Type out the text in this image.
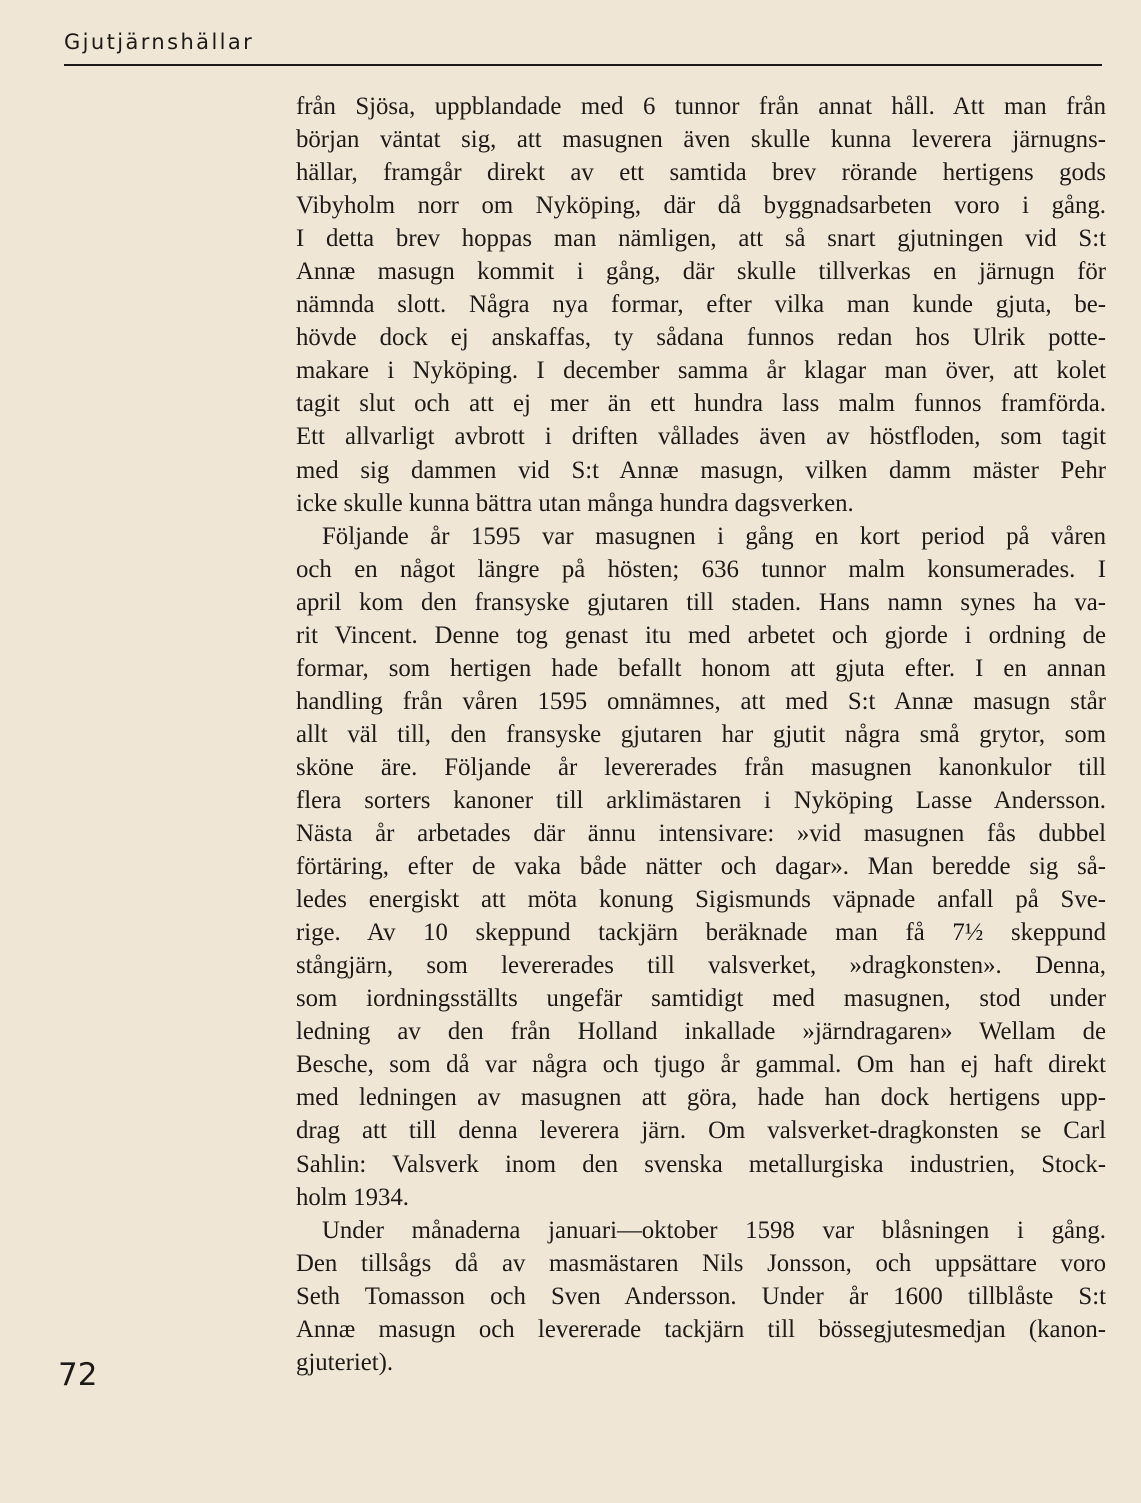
Gjutjärnshällar
från Sjösa, uppblandade med 6 tunnor från annat håll. Att man från
början väntat sig, att masugnen även skulle kunna leverera järnugns-
hällar, framgår direkt av ett samtida brev rörande hertigens gods
Vibyholm norr om Nyköping, där då byggnadsarbeten voro i gång.
I detta brev hoppas man nämligen, att så snart gjutningen vid S:t
Annæ masugn kommit i gång, där skulle tillverkas en järnugn för
nämnda slott. Några nya formar, efter vilka man kunde gjuta, be-
hövde dock ej anskaffas, ty sådana funnos redan hos Ulrik potte-
makare i Nyköping. I december samma år klagar man över, att kolet
tagit slut och att ej mer än ett hundra lass malm funnos framförda.
Ett allvarligt avbrott i driften vållades även av höstfloden, som tagit
med sig dammen vid S:t Annæ masugn, vilken damm mäster Pehr
icke skulle kunna bättra utan många hundra dagsverken.
Följande år 1595 var masugnen i gång en kort period på våren
och en något längre på hösten; 636 tunnor malm konsumerades. I
april kom den fransyske gjutaren till staden. Hans namn synes ha va-
rit Vincent. Denne tog genast itu med arbetet och gjorde i ordning de
formar, som hertigen hade befallt honom att gjuta efter. I en annan
handling från våren 1595 omnämnes, att med S:t Annæ masugn står
allt väl till, den fransyske gjutaren har gjutit några små grytor, som
sköne äre. Följande år levererades från masugnen kanonkulor till
flera sorters kanoner till arklimästaren i Nyköping Lasse Andersson.
Nästa år arbetades där ännu intensivare: »vid masugnen fås dubbel
förtäring, efter de vaka både nätter och dagar». Man beredde sig så-
ledes energiskt att möta konung Sigismunds väpnade anfall på Sve-
rige. Av 10 skeppund tackjärn beräknade man få 7½ skeppund
stångjärn, som levererades till valsverket, »dragkonsten». Denna,
som iordningsställts ungefär samtidigt med masugnen, stod under
ledning av den från Holland inkallade »järndragaren» Wellam de
Besche, som då var några och tjugo år gammal. Om han ej haft direkt
med ledningen av masugnen att göra, hade han dock hertigens upp-
drag att till denna leverera järn. Om valsverket-dragkonsten se Carl
Sahlin: Valsverk inom den svenska metallurgiska industrien, Stock-
holm 1934.
Under månaderna januari—oktober 1598 var blåsningen i gång.
Den tillsågs då av masmästaren Nils Jonsson, och uppsättare voro
Seth Tomasson och Sven Andersson. Under år 1600 tillblåste S:t
Annæ masugn och levererade tackjärn till bössegjutesmedjan (kanon-
gjuteriet).
72
